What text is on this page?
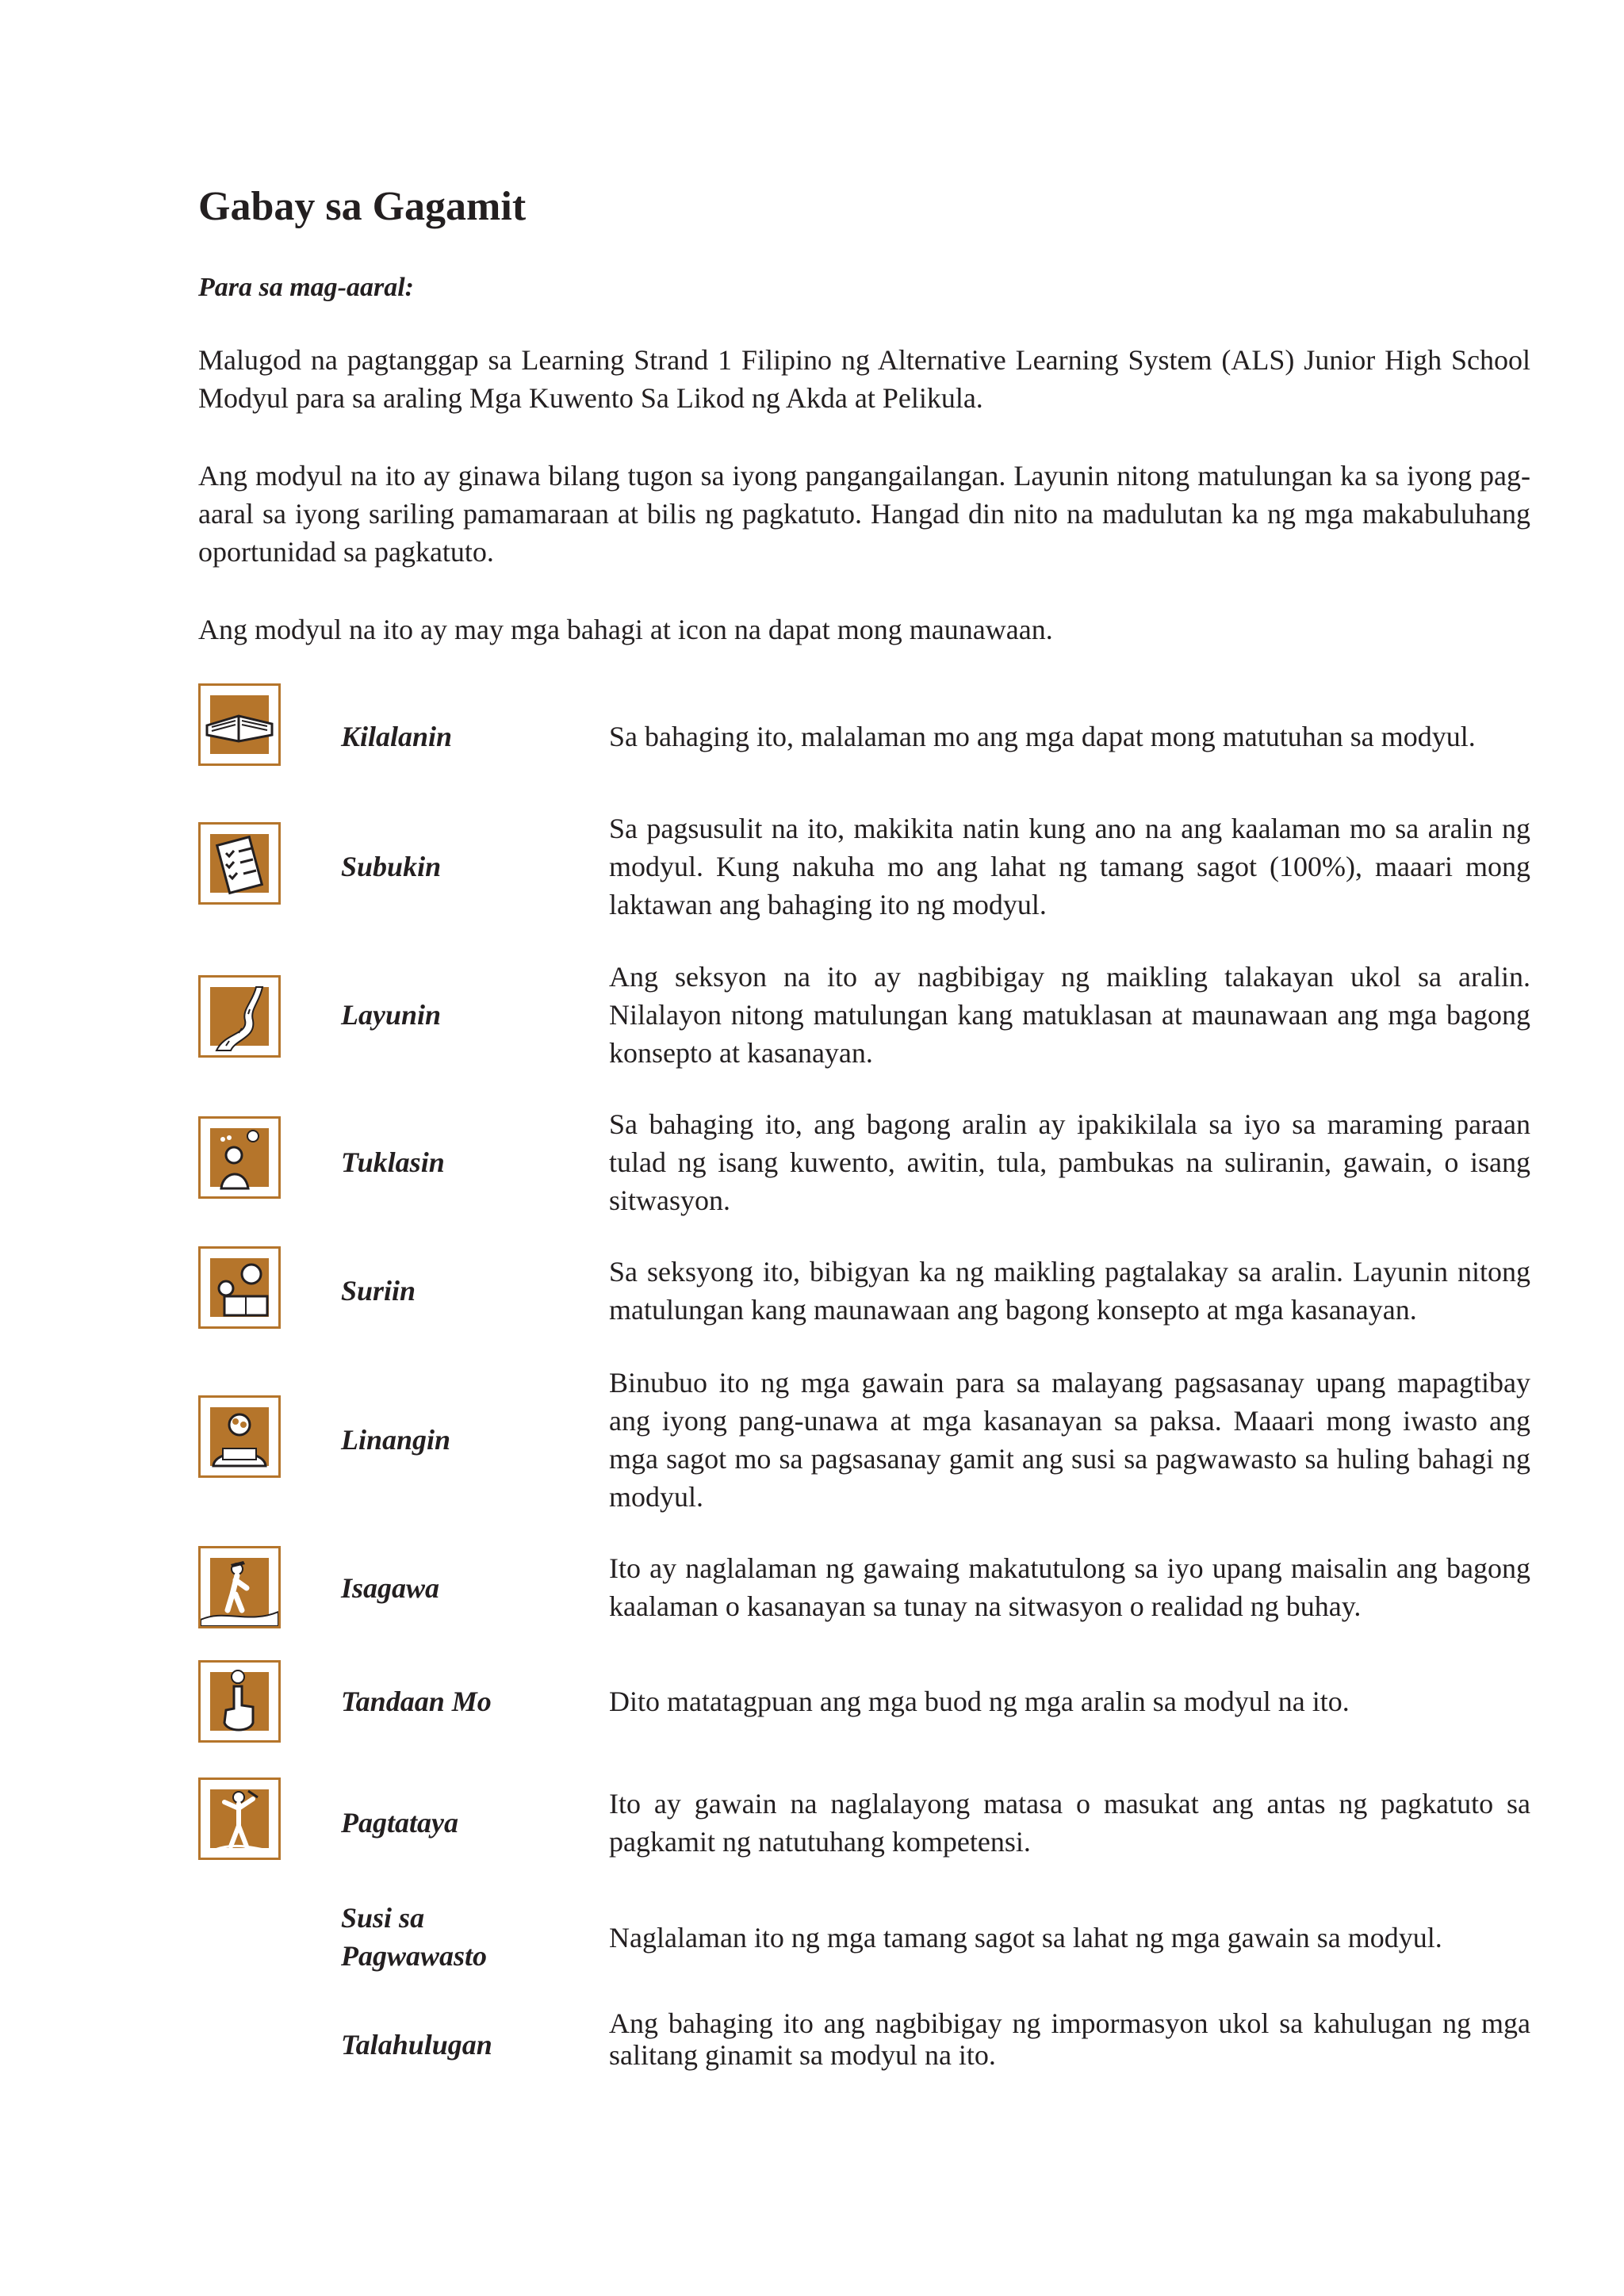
Gabay sa Gagamit
Para sa mag-aaral:

Malugod na pagtanggap sa Learning Strand 1 Filipino ng Alternative Learning System (ALS) Junior High School Modyul para sa araling Mga Kuwento Sa Likod ng Akda at Pelikula.

Ang modyul na ito ay ginawa bilang tugon sa iyong pangangailangan. Layunin nitong matulungan ka sa iyong pag-aaral sa iyong sariling pamamaraan at bilis ng pagkatuto. Hangad din nito na madulutan ka ng mga makabuluhang oportunidad sa pagkatuto.

Ang modyul na ito ay may mga bahagi at icon na dapat mong maunawaan.

Kilalanin	Sa bahaging ito, malalaman mo ang mga dapat mong matutuhan sa modyul.
Subukin
Sa pagsusulit na ito, makikita natin kung ano na ang kaalaman mo sa aralin ng modyul. Kung nakuha mo ang lahat ng tamang sagot (100%), maaari mong laktawan ang bahaging ito ng modyul.
Layunin
Ang seksyon na ito ay nagbibigay ng maikling talakayan ukol sa aralin. Nilalayon nitong matulungan kang matuklasan at maunawaan ang mga bagong konsepto at kasanayan.
Tuklasin
Sa bahaging ito, ang bagong aralin ay ipakikilala sa iyo sa maraming paraan tulad ng isang kuwento, awitin, tula, pambukas na suliranin, gawain, o isang sitwasyon.
Suriin
Sa seksyong ito, bibigyan ka ng maikling pagtalakay sa aralin. Layunin nitong matulungan kang maunawaan ang bagong konsepto at mga kasanayan.
Linangin
Binubuo ito ng mga gawain para sa malayang pagsasanay upang mapagtibay ang iyong pang-unawa at mga kasanayan sa paksa. Maaari mong iwasto ang mga sagot mo sa pagsasanay gamit ang susi sa pagwawasto sa huling bahagi ng modyul.
Isagawa
Ito ay naglalaman ng gawaing makatutulong sa iyo upang maisalin ang bagong kaalaman o kasanayan sa tunay na sitwasyon o realidad ng buhay.
Tandaan Mo	Dito matatagpuan ang mga buod ng mga aralin sa modyul na ito.
Pagtataya
Ito ay gawain na naglalayong matasa o masukat ang antas ng pagkatuto sa pagkamit ng natutuhang kompetensi.
Susi sa Pagwawasto
Naglalaman ito ng mga tamang sagot sa lahat ng mga gawain sa modyul.
Talahulugan
Ang bahaging ito ang nagbibigay ng impormasyon ukol sa kahulugan ng mga salitang ginamit sa modyul na ito.
